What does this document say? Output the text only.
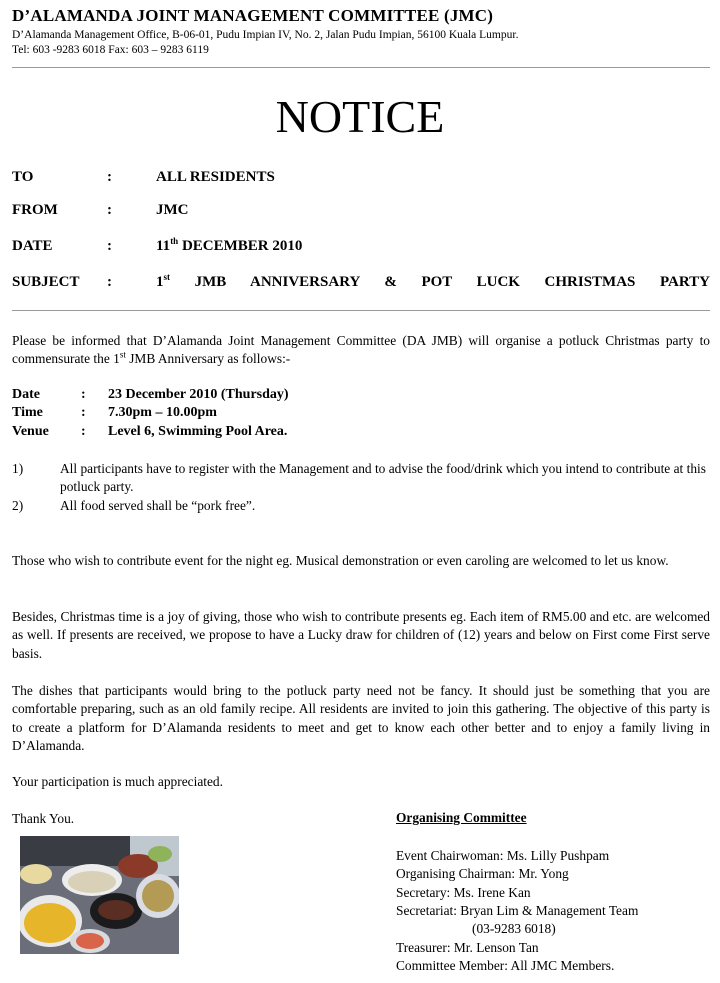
D’ALAMANDA JOINT MANAGEMENT COMMITTEE (JMC)
D’Alamanda Management Office, B-06-01, Pudu Impian IV, No. 2, Jalan Pudu Impian, 56100 Kuala Lumpur.
Tel: 603 -9283 6018 Fax: 603 – 9283 6119
NOTICE
TO	:	ALL RESIDENTS
FROM	:	JMC
DATE	:	11th DECEMBER 2010
SUBJECT :	1st JMB ANNIVERSARY & POT LUCK CHRISTMAS PARTY

Please be informed that D’Alamanda Joint Management Committee (DA JMB) will organise a potluck Christmas party to commensurate the 1st JMB Anniversary as follows:-

Date	: 23 December 2010 (Thursday)
Time	: 7.30pm – 10.00pm
Venue : Level 6, Swimming Pool Area.
1)	All participants have to register with the Management and to advise the food/drink which you intend to contribute at this potluck party.
2)	All food served shall be “pork free”.

Those who wish to contribute event for the night eg. Musical demonstration or even caroling are welcomed to let us know.

Besides, Christmas time is a joy of giving, those who wish to contribute presents eg. Each item of RM5.00 and etc. are welcomed as well. If presents are received, we propose to have a Lucky draw for children of (12) years and below on First come First serve basis.

The dishes that participants would bring to the potluck party need not be fancy. It should just be something that you are comfortable preparing, such as an old family recipe. All residents are invited to join this gathering. The objective of this party is to create a platform for D’Alamanda residents to meet and get to know each other better and to enjoy a family living in D’Alamanda.

Your participation is much appreciated.

Thank You.	Organising Committee
Event Chairwoman: Ms. Lilly Pushpam
Organising Chairman: Mr. Yong
Secretary: Ms. Irene Kan
Secretariat: Bryan Lim & Management Team
(03-9283 6018)
Treasurer: Mr. Lenson Tan
Committee Member: All JMC Members.
